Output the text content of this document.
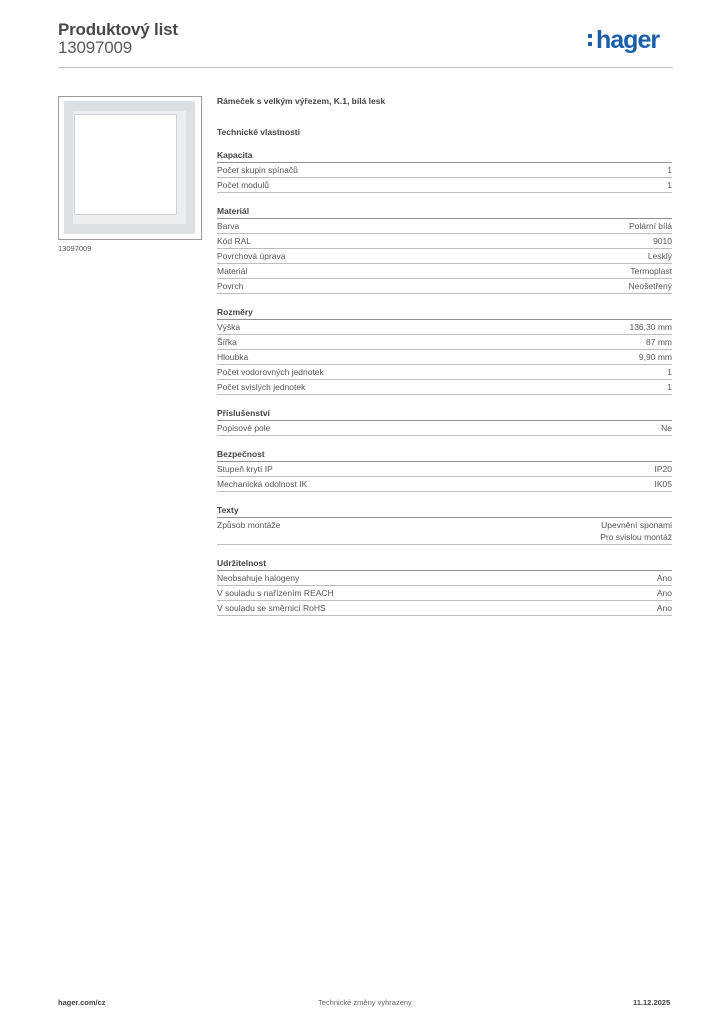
Produktový list
13097009	hager
13097009
Rámeček s velkým výřezem, K.1, bílá lesk
Technické vlastnosti
Kapacita
Počet skupin spínačů	1
Počet modulů	1
Materiál
Barva	Polární bílá
Kód RAL	9010
Povrchová úprava	Lesklý
Materiál	Termoplast
Povrch	Neošetřený
Rozměry
Výška	136,30 mm
Šířka	87 mm
Hloubka	9,90 mm
Počet vodorovných jednotek	1
Počet svislých jednotek	1
Příslušenství
Popisové pole	Ne
Bezpečnost
Stupeň krytí IP	IP20
Mechanická odolnost IK	IK05
Texty
Způsob montáže	Upevnění sponami
Pro svislou montáž
Udržitelnost
Neobsahuje halogeny	Ano
V souladu s nařízením REACH	Ano
V souladu se směrnicí RoHS	Ano
hager.com/cz	Technické změny vyhrazeny	11.12.2025
